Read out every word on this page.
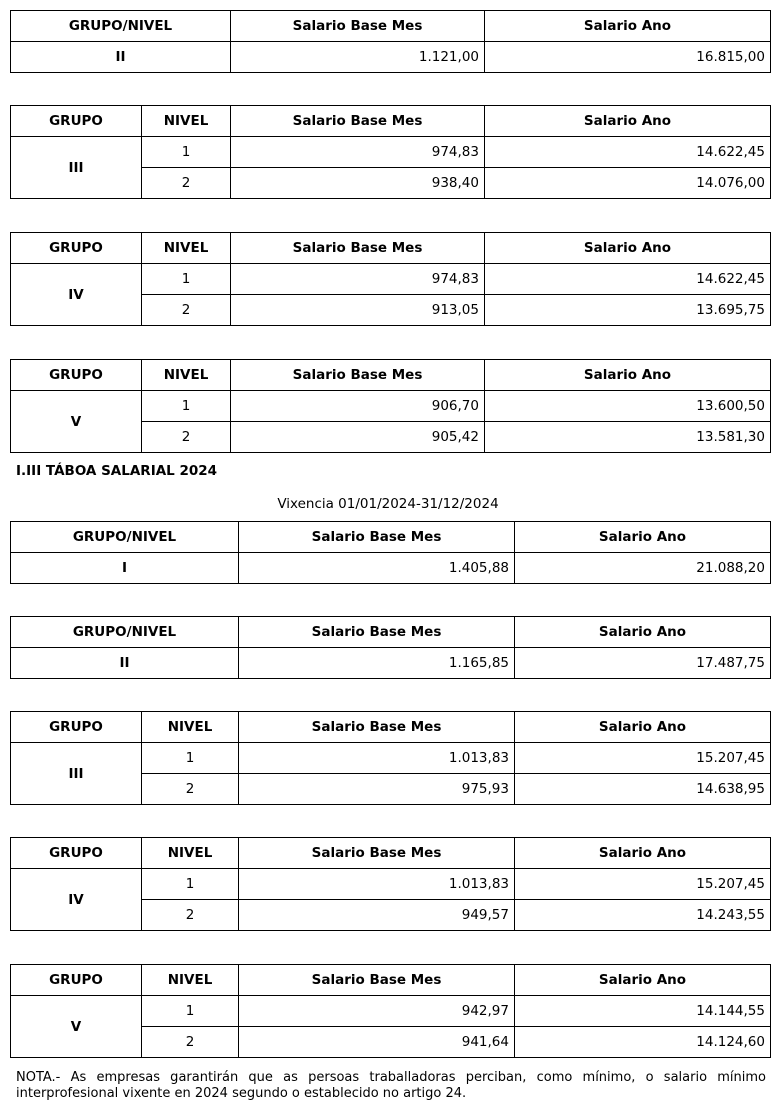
GRUPO/NIVEL	Salario Base Mes	Salario Ano
II	1.121,00	16.815,00
GRUPO	NIVEL	Salario Base Mes	Salario Ano
III	1	974,83	14.622,45
	2	938,40	14.076,00
GRUPO	NIVEL	Salario Base Mes	Salario Ano
IV	1	974,83	14.622,45
	2	913,05	13.695,75
GRUPO	NIVEL	Salario Base Mes	Salario Ano
V	1	906,70	13.600,50
	2	905,42	13.581,30
I.III TÁBOA SALARIAL 2024
Vixencia 01/01/2024-31/12/2024
GRUPO/NIVEL	Salario Base Mes	Salario Ano
I	1.405,88	21.088,20
GRUPO/NIVEL	Salario Base Mes	Salario Ano
II	1.165,85	17.487,75
GRUPO	NIVEL	Salario Base Mes	Salario Ano
III	1	1.013,83	15.207,45
	2	975,93	14.638,95
GRUPO	NIVEL	Salario Base Mes	Salario Ano
IV	1	1.013,83	15.207,45
	2	949,57	14.243,55
GRUPO	NIVEL	Salario Base Mes	Salario Ano
V	1	942,97	14.144,55
	2	941,64	14.124,60
NOTA.- As empresas garantirán que as persoas traballadoras perciban, como mínimo, o salario mínimo
interprofesional vixente en 2024 segundo o establecido no artigo 24.
